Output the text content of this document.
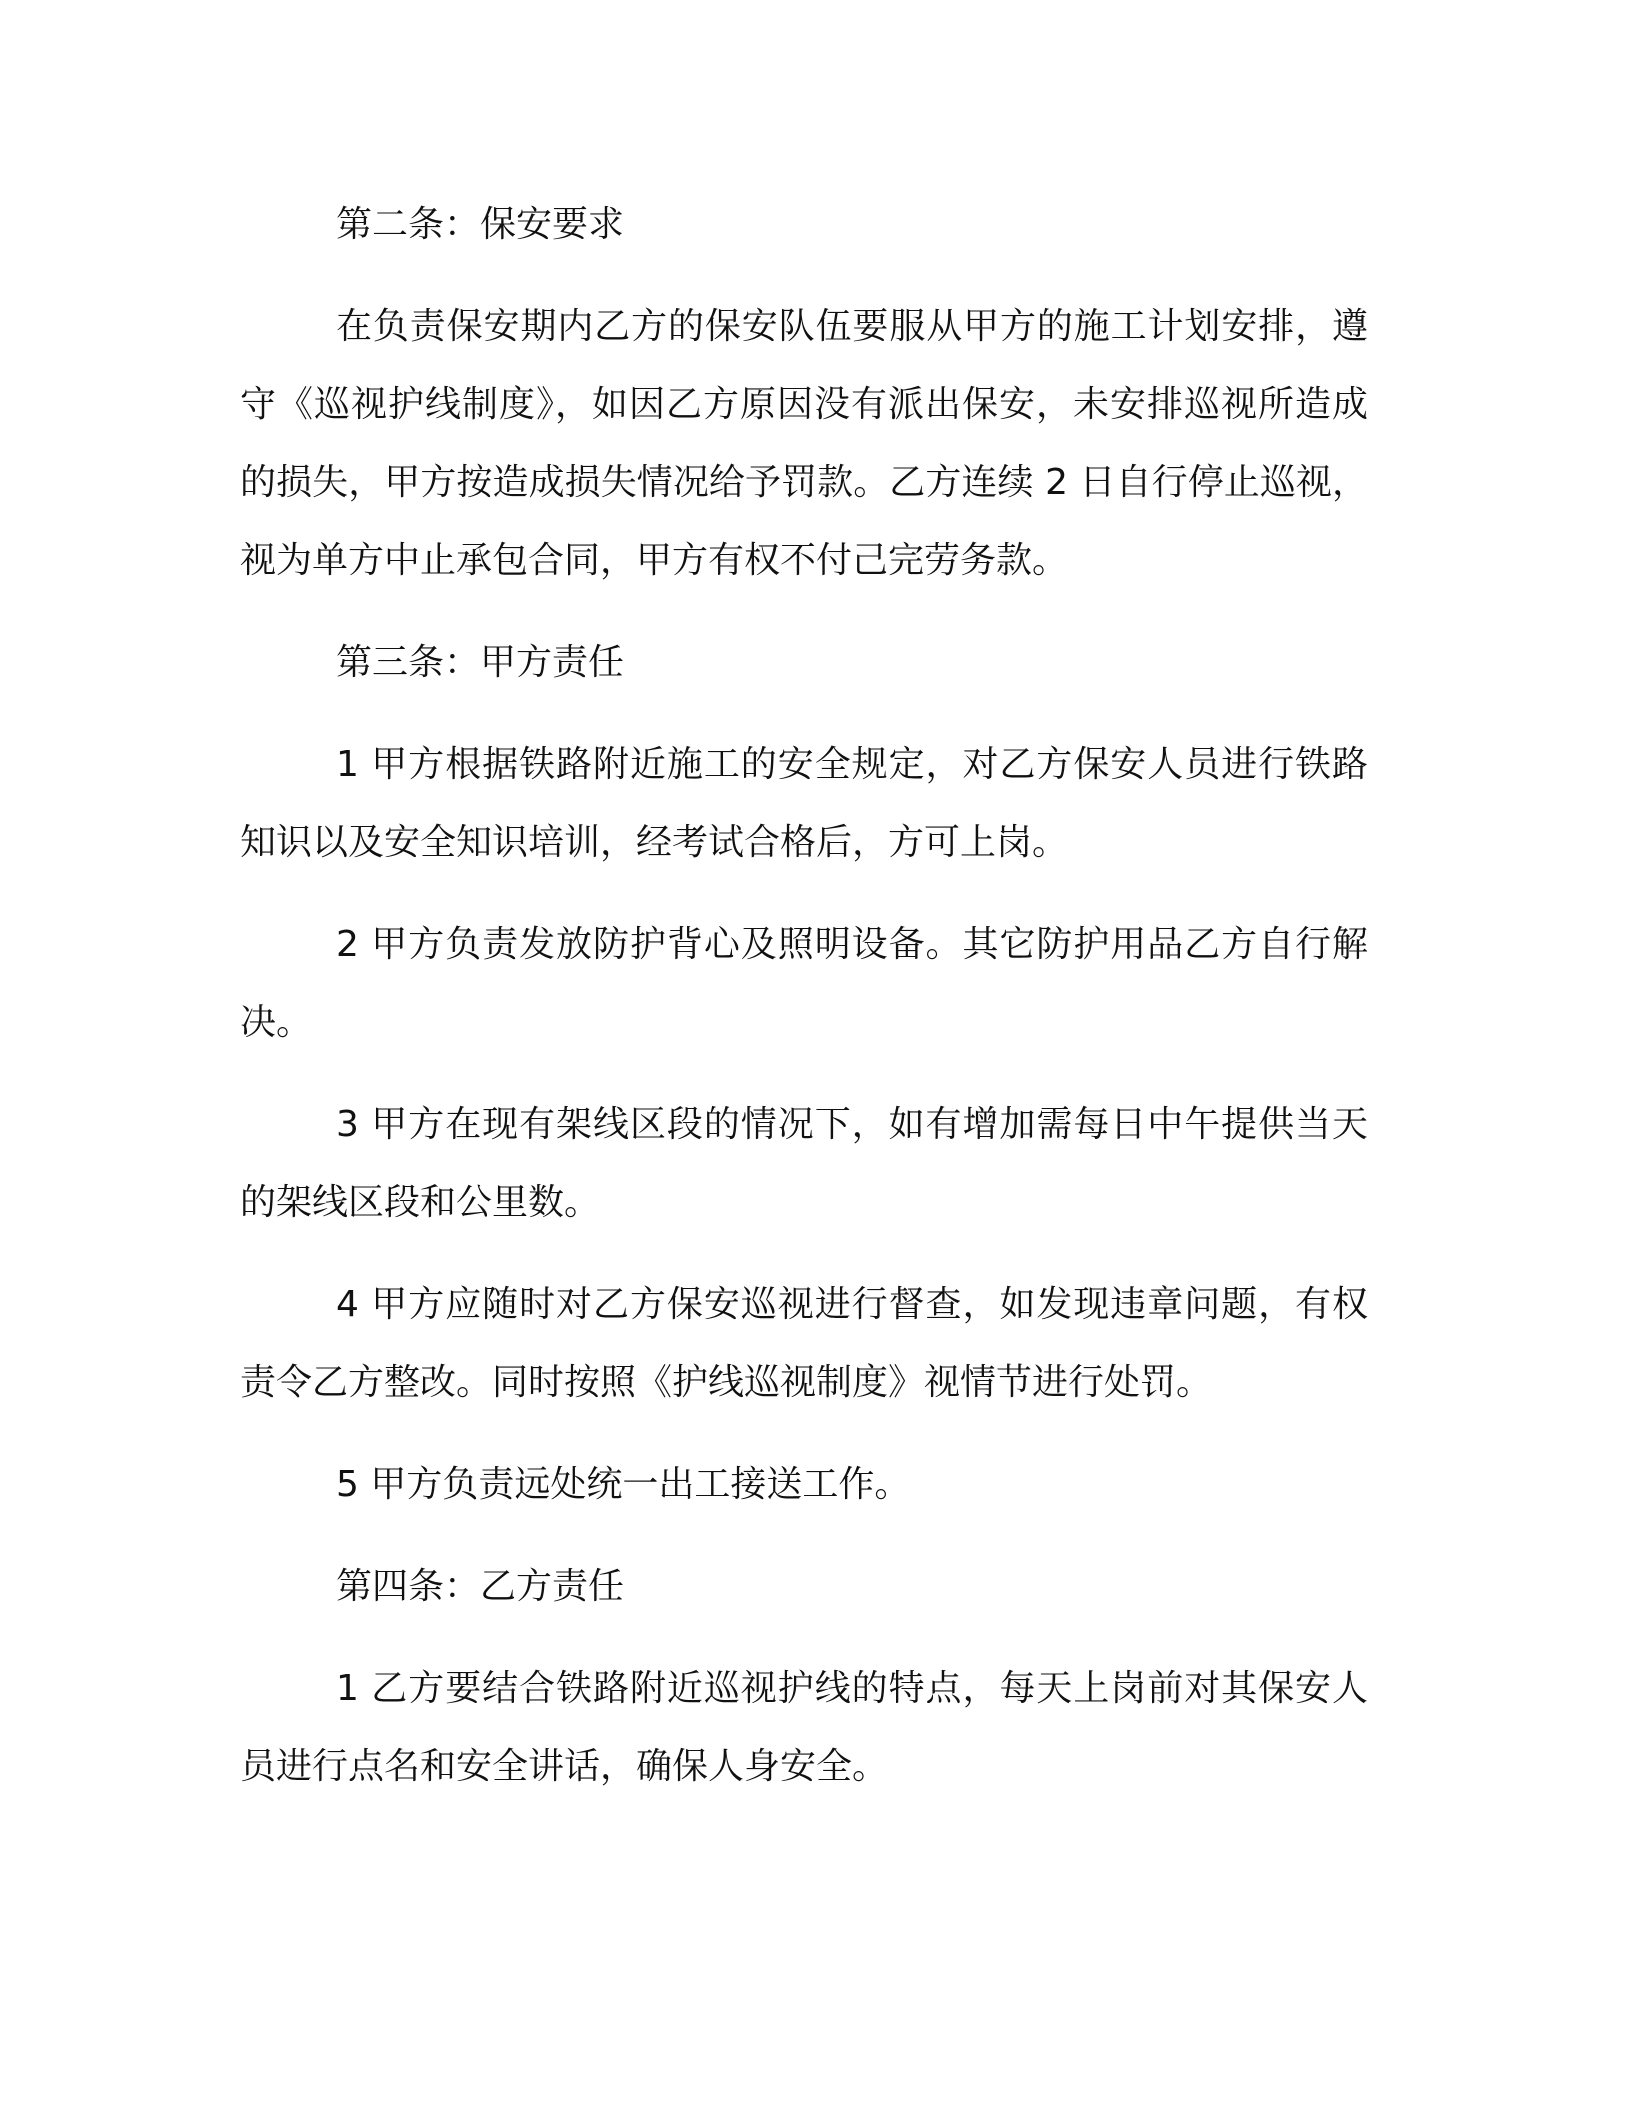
第二条：保安要求

在负责保安期内乙方的保安队伍要服从甲方的施工计划安排，遵守《巡视护线制度》，如因乙方原因没有派出保安，未安排巡视所造成的损失，甲方按造成损失情况给予罚款。乙方连续 2 日自行停止巡视，视为单方中止承包合同，甲方有权不付己完劳务款。

第三条：甲方责任

1 甲方根据铁路附近施工的安全规定，对乙方保安人员进行铁路知识以及安全知识培训，经考试合格后，方可上岗。

2 甲方负责发放防护背心及照明设备。其它防护用品乙方自行解决。

3 甲方在现有架线区段的情况下，如有增加需每日中午提供当天的架线区段和公里数。

4 甲方应随时对乙方保安巡视进行督查，如发现违章问题，有权责令乙方整改。同时按照《护线巡视制度》视情节进行处罚。

5 甲方负责远处统一出工接送工作。

第四条：乙方责任

1 乙方要结合铁路附近巡视护线的特点，每天上岗前对其保安人员进行点名和安全讲话，确保人身安全。
